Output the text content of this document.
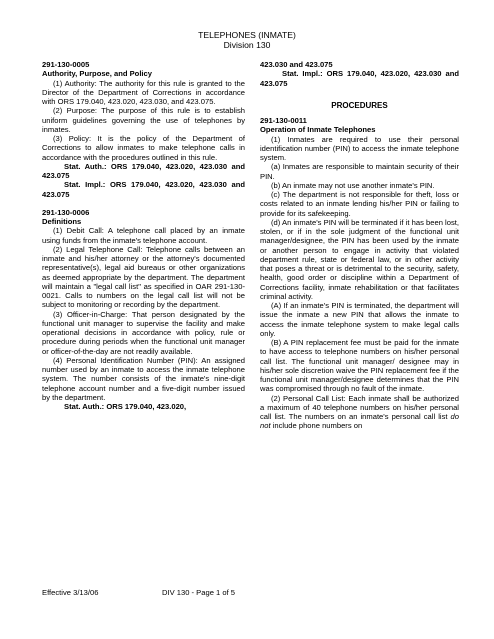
TELEPHONES (INMATE)
Division 130

291-130-0005

Authority, Purpose, and Policy

(1) Authority: The authority for this rule is granted to the Director of the Department of Corrections in accordance with ORS 179.040, 423.020, 423.030, and 423.075.

(2) Purpose: The purpose of this rule is to establish uniform guidelines governing the use of telephones by inmates.

(3) Policy: It is the policy of the Department of Corrections to allow inmates to make telephone calls in accordance with the procedures outlined in this rule.

Stat. Auth.: ORS 179.040, 423.020, 423.030 and 423.075

Stat. Impl.: ORS 179.040, 423.020, 423.030 and 423.075

291-130-0006

Definitions

(1) Debit Call: A telephone call placed by an inmate using funds from the inmate's telephone account.

(2) Legal Telephone Call: Telephone calls between an inmate and his/her attorney or the attorney's documented representative(s), legal aid bureaus or other organizations as deemed appropriate by the department. The department will maintain a "legal call list" as specified in OAR 291-130-0021. Calls to numbers on the legal call list will not be subject to monitoring or recording by the department.

(3) Officer-in-Charge: That person designated by the functional unit manager to supervise the facility and make operational decisions in accordance with policy, rule or procedure during periods when the functional unit manager or officer-of-the-day are not readily available.

(4) Personal Identification Number (PIN): An assigned number used by an inmate to access the inmate telephone system. The number consists of the inmate's nine-digit telephone account number and a five-digit number issued by the department.

Stat. Auth.: ORS 179.040, 423.020,

423.030 and 423.075

Stat. Impl.: ORS 179.040, 423.020, 423.030 and 423.075

PROCEDURES

291-130-0011

Operation of Inmate Telephones

(1) Inmates are required to use their personal identification number (PIN) to access the inmate telephone system.

(a) Inmates are responsible to maintain security of their PIN.

(b) An inmate may not use another inmate's PIN.

(c) The department is not responsible for theft, loss or costs related to an inmate lending his/her PIN or failing to provide for its safekeeping.

(d) An inmate's PIN will be terminated if it has been lost, stolen, or if in the sole judgment of the functional unit manager/designee, the PIN has been used by the inmate or another person to engage in activity that violated department rule, state or federal law, or in other activity that poses a threat or is detrimental to the security, safety, health, good order or discipline within a Department of Corrections facility, inmate rehabilitation or that facilitates criminal activity.

(A) If an inmate's PIN is terminated, the department will issue the inmate a new PIN that allows the inmate to access the inmate telephone system to make legal calls only.

(B) A PIN replacement fee must be paid for the inmate to have access to telephone numbers on his/her personal call list. The functional unit manager/ designee may in his/her sole discretion waive the PIN replacement fee if the functional unit manager/designee determines that the PIN was compromised through no fault of the inmate.

(2) Personal Call List: Each inmate shall be authorized a maximum of 40 telephone numbers on his/her personal call list. The numbers on an inmate's personal call list do not include phone numbers on

Effective 3/13/06	DIV 130 - Page 1 of 5
